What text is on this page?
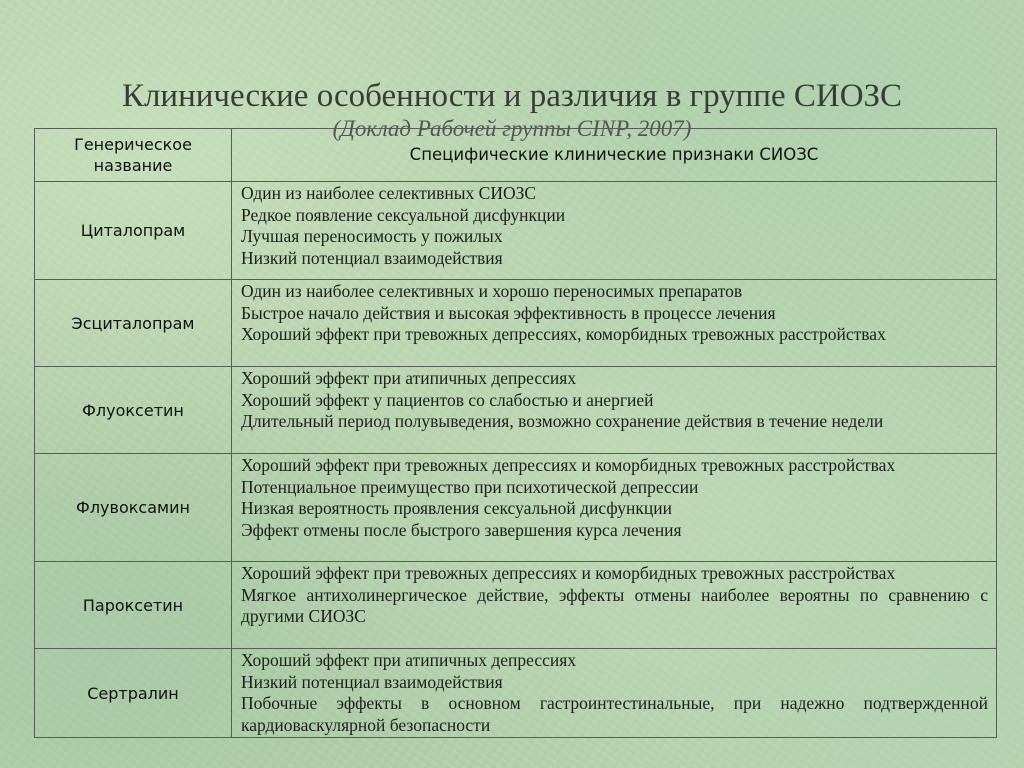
Клинические особенности и различия в группе СИОЗС
(Доклад Рабочей группы CINP, 2007)
Генерическое
название	Специфические клинические признаки СИОЗС
Циталопрам	Один из наиболее селективных СИОЗС
Редкое появление сексуальной дисфункции
Лучшая переносимость у пожилых
Низкий потенциал взаимодействия

Эсциталопрам	Один из наиболее селективных и хорошо переносимых препаратов
Быстрое начало действия и высокая эффективность в процессе лечения
Хороший эффект при тревожных депрессиях, коморбидных тревожных расстройствах

Флуоксетин	Хороший эффект при атипичных депрессиях
Хороший эффект у пациентов со слабостью и анергией
Длительный период полувыведения, возможно сохранение действия в течение недели

Флувоксамин	Хороший эффект при тревожных депрессиях и коморбидных тревожных расстройствах
Потенциальное преимущество при психотической депрессии
Низкая вероятность проявления сексуальной дисфункции
Эффект отмены после быстрого завершения курса лечения

Пароксетин	Хороший эффект при тревожных депрессиях и коморбидных тревожных расстройствах
Мягкое антихолинергическое действие, эффекты отмены наиболее вероятны по сравнению с другими СИОЗС

Сертралин	Хороший эффект при атипичных депрессиях
Низкий потенциал взаимодействия
Побочные эффекты в основном гастроинтестинальные, при надежно подтвержденной кардиоваскулярной безопасности
